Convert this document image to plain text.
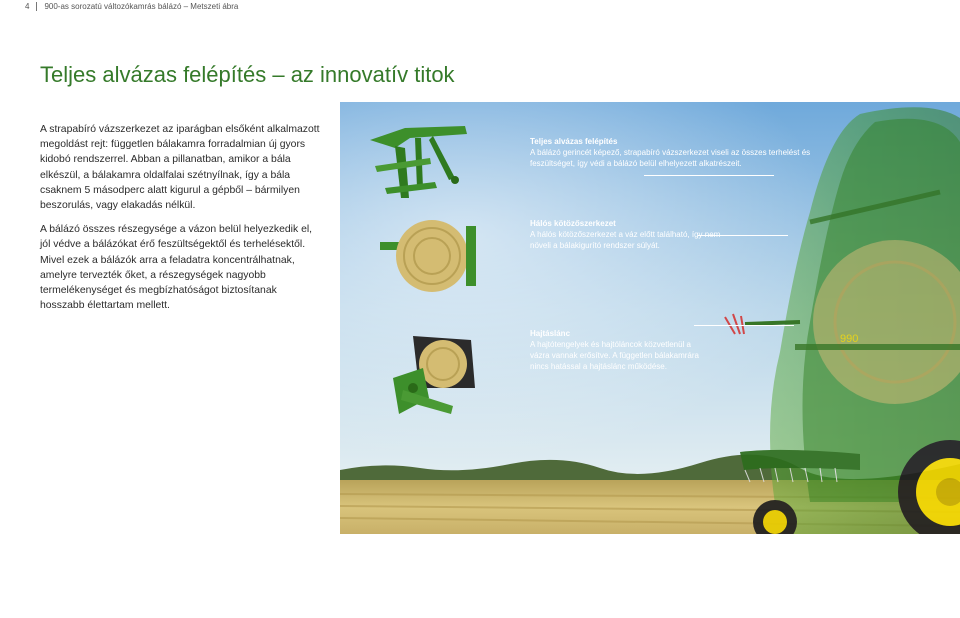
4 900-as sorozatú változókamrás bálázó – Metszeti ábra
Teljes alvázas felépítés – az innovatív titok

A strapabíró vázszerkezet az iparágban elsőként alkalmazott megoldást rejt: független bálakamra forradalmian új gyors kidobó rendszerrel. Abban a pillanatban, amikor a bála elkészül, a bálakamra oldalfalai szétnyílnak, így a bála csaknem 5 másodperc alatt kigurul a gépből – bármilyen beszorulás, vagy elakadás nélkül.

A bálázó összes részegysége a vázon belül helyezkedik el, jól védve a bálázókat érő feszültségektől és terhelésektől. Mivel ezek a bálázók arra a feladatra koncentrálhatnak, amelyre tervezték őket, a részegységek nagyobb termelékenységet és megbízhatóságot biztosítanak hosszabb élettartam mellett.

990
Teljes alvázas felépítés
A bálázó gerincét képező, strapabíró vázszerkezet viseli az összes terhelést és feszültséget, így védi a bálázó belül elhelyezett alkatrészeit.
Hálós kötözőszerkezet
A hálós kötözőszerkezet a váz előtt található, így nem növeli a bálakigurító rendszer súlyát.
Hajtáslánc
A hajtótengelyek és hajtóláncok közvetlenül a vázra vannak erősítve. A független bálakamrára nincs hatással a hajtáslánc működése.
